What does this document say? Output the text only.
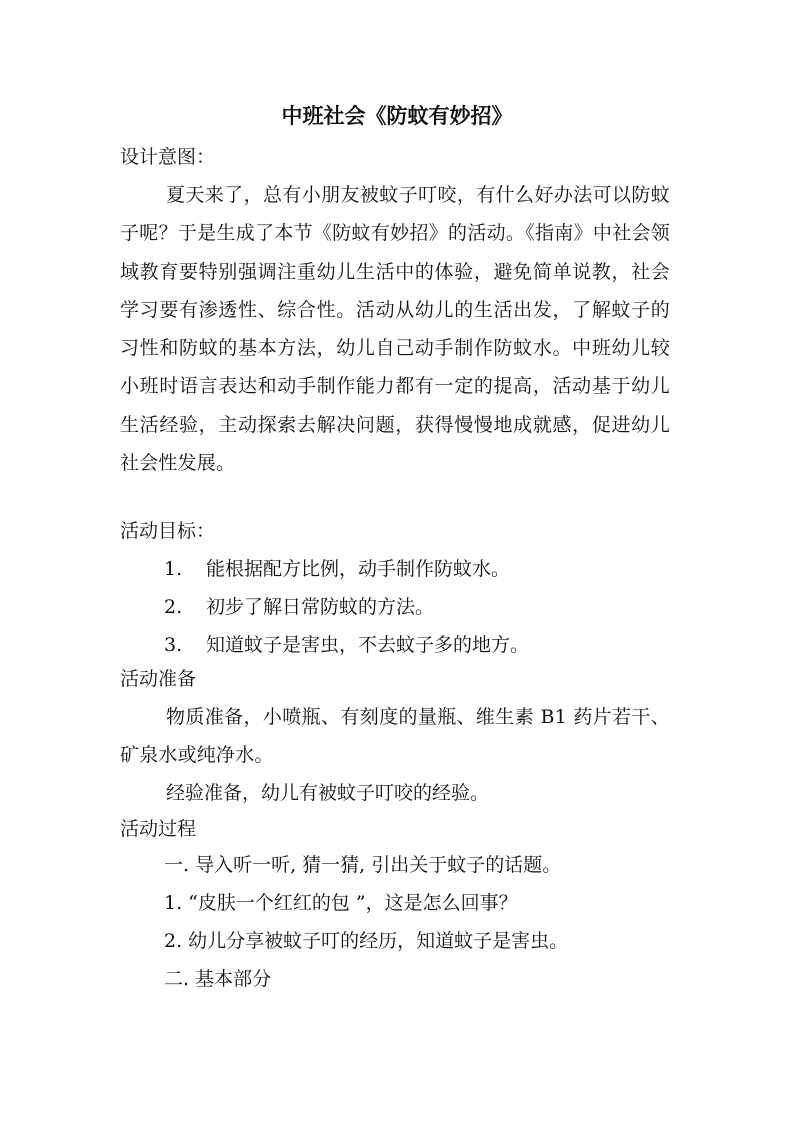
中班社会《防蚊有妙招》
设计意图：
夏天来了，总有小朋友被蚊子叮咬，有什么好办法可以防蚊子呢？于是生成了本节《防蚊有妙招》的活动。《指南》中社会领域教育要特别强调注重幼儿生活中的体验，避免简单说教，社会学习要有渗透性、综合性。活动从幼儿的生活出发，了解蚊子的习性和防蚊的基本方法，幼儿自己动手制作防蚊水。中班幼儿较小班时语言表达和动手制作能力都有一定的提高，活动基于幼儿生活经验，主动探索去解决问题，获得慢慢地成就感，促进幼儿社会性发展。
活动目标：
1. 能根据配方比例，动手制作防蚊水。
2. 初步了解日常防蚊的方法。
3. 知道蚊子是害虫，不去蚊子多的地方。
活动准备
物质准备，小喷瓶、有刻度的量瓶、维生素 B1 药片若干、矿泉水或纯净水。
经验准备，幼儿有被蚊子叮咬的经验。
活动过程
一. 导入听一听, 猜一猜, 引出关于蚊子的话题。
1. “皮肤一个红红的包 ”，这是怎么回事？
2. 幼儿分享被蚊子叮的经历，知道蚊子是害虫。
二. 基本部分
